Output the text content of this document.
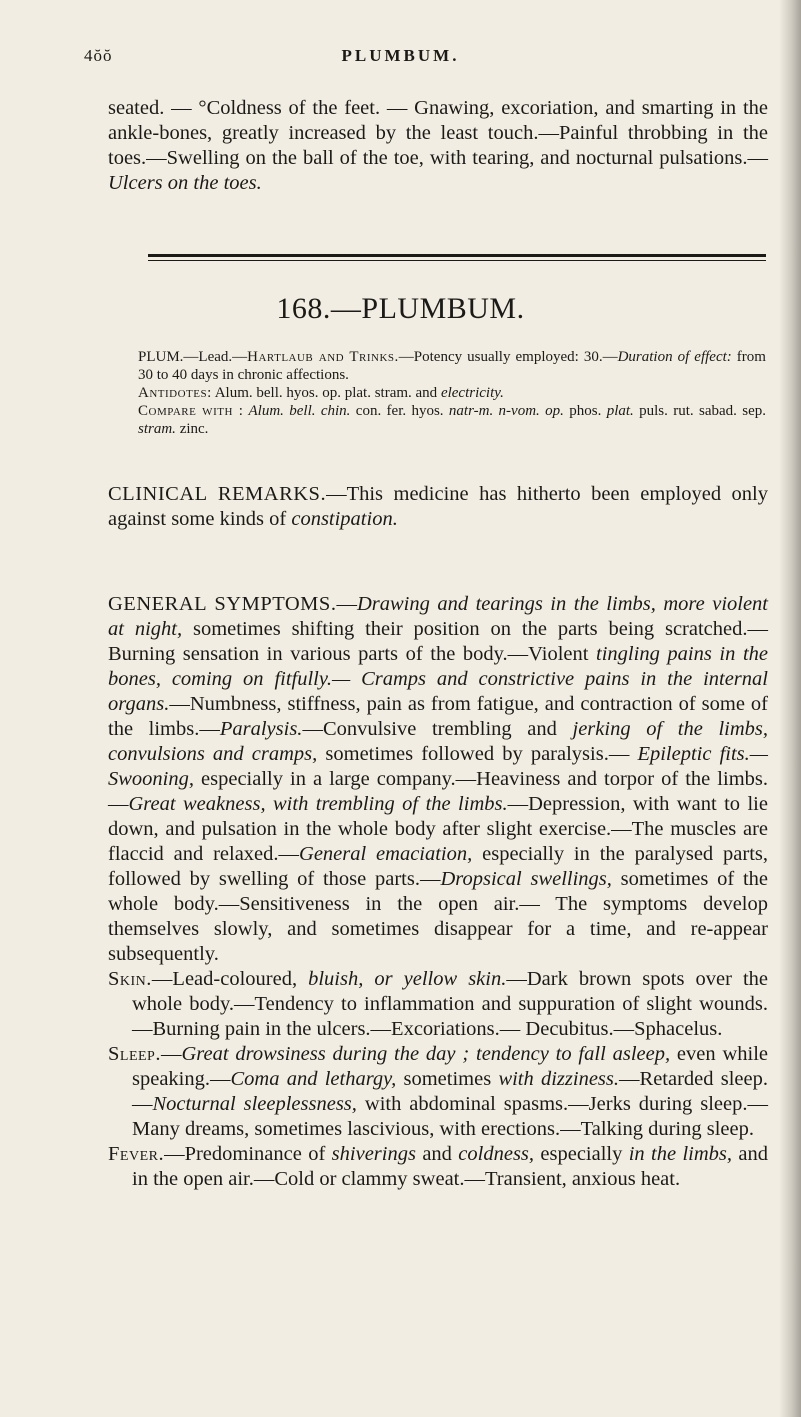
4ŏŏ	PLUMBUM.

seated. — °Coldness of the feet. — Gnawing, excoriation, and smarting in the ankle-bones, greatly increased by the least touch.—Painful throbbing in the toes.—Swelling on the ball of the toe, with tearing, and nocturnal pulsations.—Ulcers on the toes.

168.—PLUMBUM.

PLUM.—Lead.—Hartlaub and Trinks.—Potency usually employed: 30.—Duration of effect: from 30 to 40 days in chronic affections.

Antidotes: Alum. bell. hyos. op. plat. stram. and electricity.

Compare with : Alum. bell. chin. con. fer. hyos. natr-m. n-vom. op. phos. plat. puls. rut. sabad. sep. stram. zinc.

CLINICAL REMARKS.—This medicine has hitherto been employed only against some kinds of constipation.

GENERAL SYMPTOMS.—Drawing and tearings in the limbs, more violent at night, sometimes shifting their position on the parts being scratched.—Burning sensation in various parts of the body.—Violent tingling pains in the bones, coming on fitfully.— Cramps and constrictive pains in the internal organs.—Numbness, stiffness, pain as from fatigue, and contraction of some of the limbs.—Paralysis.—Convulsive trembling and jerking of the limbs, convulsions and cramps, sometimes followed by paralysis.— Epileptic fits.—Swooning, especially in a large company.—Heaviness and torpor of the limbs.—Great weakness, with trembling of the limbs.—Depression, with want to lie down, and pulsation in the whole body after slight exercise.—The muscles are flaccid and relaxed.—General emaciation, especially in the paralysed parts, followed by swelling of those parts.—Dropsical swellings, sometimes of the whole body.—Sensitiveness in the open air.— The symptoms develop themselves slowly, and sometimes disappear for a time, and re-appear subsequently.

Skin.—Lead-coloured, bluish, or yellow skin.—Dark brown spots over the whole body.—Tendency to inflammation and suppuration of slight wounds.—Burning pain in the ulcers.—Excoriations.— Decubitus.—Sphacelus.

Sleep.—Great drowsiness during the day ; tendency to fall asleep, even while speaking.—Coma and lethargy, sometimes with dizziness.—Retarded sleep.—Nocturnal sleeplessness, with abdominal spasms.—Jerks during sleep.—Many dreams, sometimes lascivious, with erections.—Talking during sleep.

Fever.—Predominance of shiverings and coldness, especially in the limbs, and in the open air.—Cold or clammy sweat.—Transient, anxious heat.
